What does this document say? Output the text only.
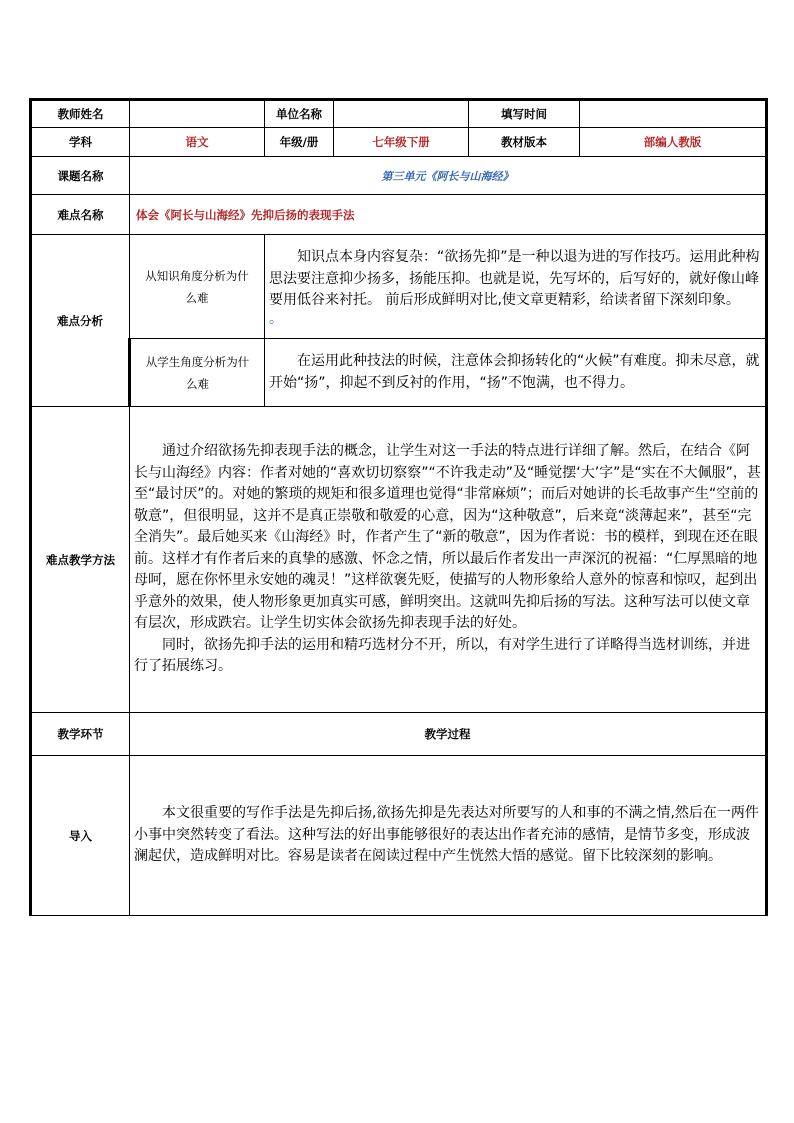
教师姓名		单位名称		填写时间	
学科	语文	年级/册	七年级下册	教材版本	部编人教版
课题名称	第三单元《阿长与山海经》				
难点名称	体会《阿长与山海经》先抑后扬的表现手法				
难点分析	从知识角度分析为什么难	知识点本身内容复杂：“欲扬先抑”是一种以退为进的写作技巧。运用此种构思法要注意抑少扬多，扬能压抑。也就是说，先写坏的，后写好的，就好像山峰要用低谷来衬托。 前后形成鲜明对比,使文章更精彩，给读者留下深刻印象。

。			

	从学生角度分析为什么难	在运用此种技法的时候，注意体会抑扬转化的“火候”有难度。抑未尽意，就开始“扬”，抑起不到反衬的作用，“扬”不饱满，也不得力。			

难点教学方法	通过介绍欲扬先抑表现手法的概念，让学生对这一手法的特点进行详细了解。然后，在结合《阿长与山海经》内容：作者对她的“喜欢切切察察”“不许我走动”及“睡觉摆‘大’字”是“实在不大佩服”，甚至“最讨厌”的。对她的繁琐的规矩和很多道理也觉得“非常麻烦”；而后对她讲的长毛故事产生“空前的敬意”，但很明显，这并不是真正崇敬和敬爱的心意，因为“这种敬意”，后来竟“淡薄起来”，甚至“完全消失”。最后她买来《山海经》时，作者产生了“新的敬意”，因为作者说：书的模样，到现在还在眼前。这样才有作者后来的真挚的感激、怀念之情，所以最后作者发出一声深沉的祝福：“仁厚黑暗的地母呵，愿在你怀里永安她的魂灵！”这样欲褒先贬，使描写的人物形象给人意外的惊喜和惊叹，起到出乎意外的效果，使人物形象更加真实可感，鲜明突出。这就叫先抑后扬的写法。这种写法可以使文章有层次，形成跌宕。让学生切实体会欲扬先抑表现手法的好处。

同时，欲扬先抑手法的运用和精巧选材分不开，所以，有对学生进行了详略得当选材训练，并进行了拓展练习。				

教学环节	教学过程				
导入	本文很重要的写作手法是先抑后扬,欲扬先抑是先表达对所要写的人和事的不满之情,然后在一两件小事中突然转变了看法。这种写法的好出事能够很好的表达出作者充沛的感情，是情节多变，形成波澜起伏，造成鲜明对比。容易是读者在阅读过程中产生恍然大悟的感觉。留下比较深刻的影响。				
